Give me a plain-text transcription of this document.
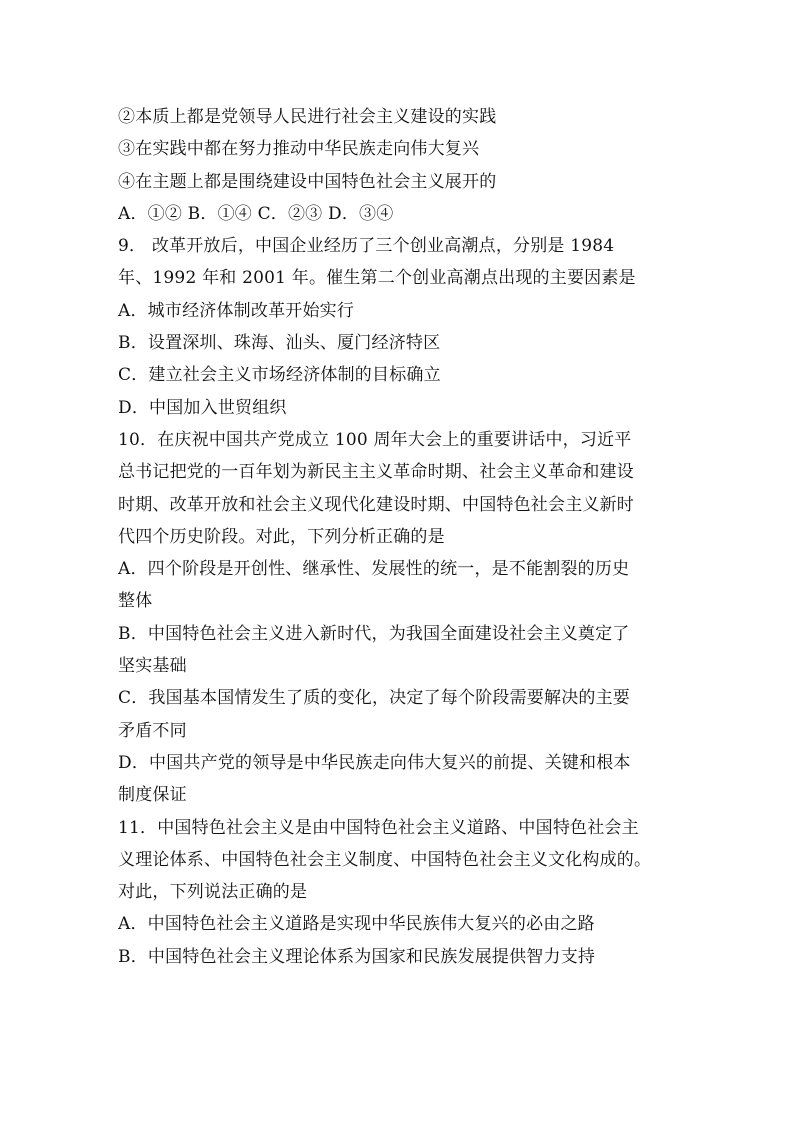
②本质上都是党领导人民进行社会主义建设的实践
③在实践中都在努力推动中华民族走向伟大复兴
④在主题上都是围绕建设中国特色社会主义展开的
A．①② B．①④ C．②③ D．③④
9． 改革开放后，中国企业经历了三个创业高潮点，分别是 1984
年、1992 年和 2001 年。催生第二个创业高潮点出现的主要因素是
A．城市经济体制改革开始实行
B．设置深圳、珠海、汕头、厦门经济特区
C．建立社会主义市场经济体制的目标确立
D．中国加入世贸组织
10．在庆祝中国共产党成立 100 周年大会上的重要讲话中，习近平
总书记把党的一百年划为新民主主义革命时期、社会主义革命和建设
时期、改革开放和社会主义现代化建设时期、中国特色社会主义新时
代四个历史阶段。对此，下列分析正确的是
A．四个阶段是开创性、继承性、发展性的统一，是不能割裂的历史
整体
B．中国特色社会主义进入新时代，为我国全面建设社会主义奠定了
坚实基础
C．我国基本国情发生了质的变化，决定了每个阶段需要解决的主要
矛盾不同
D．中国共产党的领导是中华民族走向伟大复兴的前提、关键和根本
制度保证
11．中国特色社会主义是由中国特色社会主义道路、中国特色社会主
义理论体系、中国特色社会主义制度、中国特色社会主义文化构成的。
对此，下列说法正确的是
A．中国特色社会主义道路是实现中华民族伟大复兴的必由之路
B．中国特色社会主义理论体系为国家和民族发展提供智力支持
